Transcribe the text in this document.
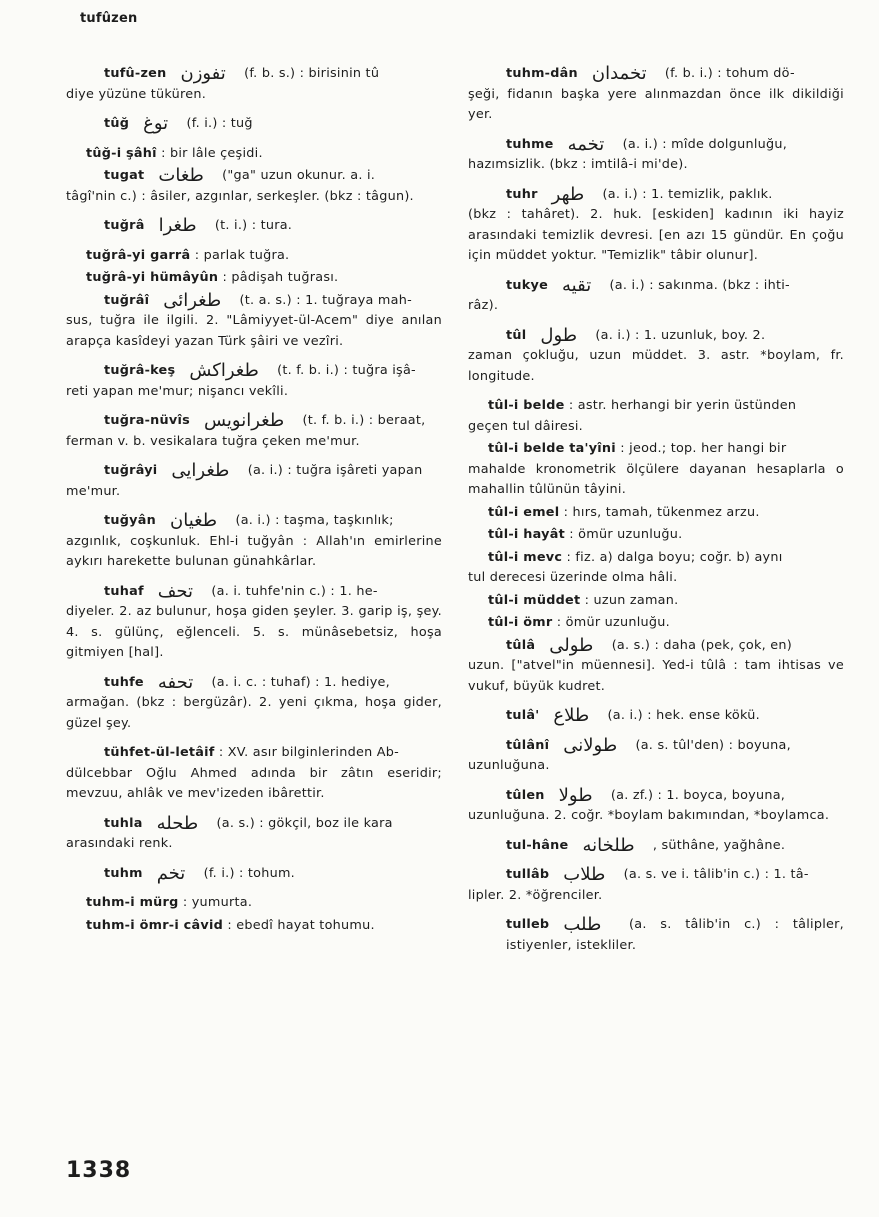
tufûzen
tufû-zen تفوزن (f. b. s.) : birisinin tû
diye yüzüne tüküren.
tûğ توغ (f. i.) : tuğ
tûğ-i şâhî : bir lâle çeşidi.
tugat طغات ("ga" uzun okunur. a. i.
tâgî'nin c.) : âsiler, azgınlar, serkeşler. (bkz : tâgun).
tuğrâ طغرا (t. i.) : tura.
tuğrâ-yi garrâ : parlak tuğra.
tuğrâ-yi hümâyûn : pâdişah tuğrası.
tuğrâî طغرائى (t. a. s.) : 1. tuğraya mah-
sus, tuğra ile ilgili. 2. "Lâmiyyet-ül-Acem" diye anılan arapça kasîdeyi yazan Türk şâiri ve vezîri.
tuğrâ-keş طغراكش (t. f. b. i.) : tuğra işâ-
reti yapan me'mur; nişancı vekîli.
tuğra-nüvîs طغرانويس (t. f. b. i.) : beraat,
ferman v. b. vesikalara tuğra çeken me'mur.
tuğrâyi طغرايى (a. i.) : tuğra işâreti yapan
me'mur.
tuğyân طغيان (a. i.) : taşma, taşkınlık;
azgınlık, coşkunluk. Ehl-i tuğyân : Allah'ın emirlerine aykırı harekette bulunan günahkârlar.
tuhaf تحف (a. i. tuhfe'nin c.) : 1. he-
diyeler. 2. az bulunur, hoşa giden şeyler. 3. garip iş, şey. 4. s. gülünç, eğlenceli. 5. s. münâsebetsiz, hoşa gitmiyen [hal].
tuhfe تحفه (a. i. c. : tuhaf) : 1. hediye,
armağan. (bkz : bergüzâr). 2. yeni çıkma, hoşa gider, güzel şey.
tühfet-ül-letâif : XV. asır bilginlerinden Ab-
dülcebbar Oğlu Ahmed adında bir zâtın eseridir; mevzuu, ahlâk ve mev'izeden ibârettir.
tuhla طحله (a. s.) : gökçil, boz ile kara
arasındaki renk.
tuhm تخم (f. i.) : tohum.
tuhm-i mürg : yumurta.
tuhm-i ömr-i câvid : ebedî hayat tohumu.
tuhm-dân تخمدان (f. b. i.) : tohum dö-
şeği, fidanın başka yere alınmazdan önce ilk dikildiği yer.
tuhme تخمه (a. i.) : mîde dolgunluğu,
hazımsizlik. (bkz : imtilâ-i mi'de).
tuhr طهر (a. i.) : 1. temizlik, paklık.
(bkz : tahâret). 2. huk. [eskiden] kadının iki hayiz arasındaki temizlik devresi. [en azı 15 gündür. En çoğu için müddet yoktur. "Temizlik" tâbir olunur].
tukye تقيه (a. i.) : sakınma. (bkz : ihti-
râz).
tûl طول (a. i.) : 1. uzunluk, boy. 2.
zaman çokluğu, uzun müddet. 3. astr. *boylam, fr. longitude.
tûl-i belde : astr. herhangi bir yerin üstünden
geçen tul dâiresi.
tûl-i belde ta'yîni : jeod.; top. her hangi bir
mahalde kronometrik ölçülere dayanan hesaplarla o mahallin tûlünün tâyini.
tûl-i emel : hırs, tamah, tükenmez arzu.
tûl-i hayât : ömür uzunluğu.
tûl-i mevc : fiz. a) dalga boyu; coğr. b) aynı
tul derecesi üzerinde olma hâli.
tûl-i müddet : uzun zaman.
tûl-i ömr : ömür uzunluğu.
tûlâ طولى (a. s.) : daha (pek, çok, en)
uzun. ["atvel"in müennesi]. Yed-i tûlâ : tam ihtisas ve vukuf, büyük kudret.
tulâ' طلاع (a. i.) : hek. ense kökü.
tûlânî طولانى (a. s. tûl'den) : boyuna,
uzunluğuna.
tûlen طولا (a. zf.) : 1. boyca, boyuna,
uzunluğuna. 2. coğr. *boylam bakımından, *boylamca.
tul-hâne طلخانه , süthâne, yağhâne.
tullâb طلاب (a. s. ve i. tâlib'in c.) : 1. tâ-
lipler. 2. *öğrenciler.
tulleb طلب (a. s. tâlib'in c.) : tâlipler, istiyenler, istekliler.
1338
